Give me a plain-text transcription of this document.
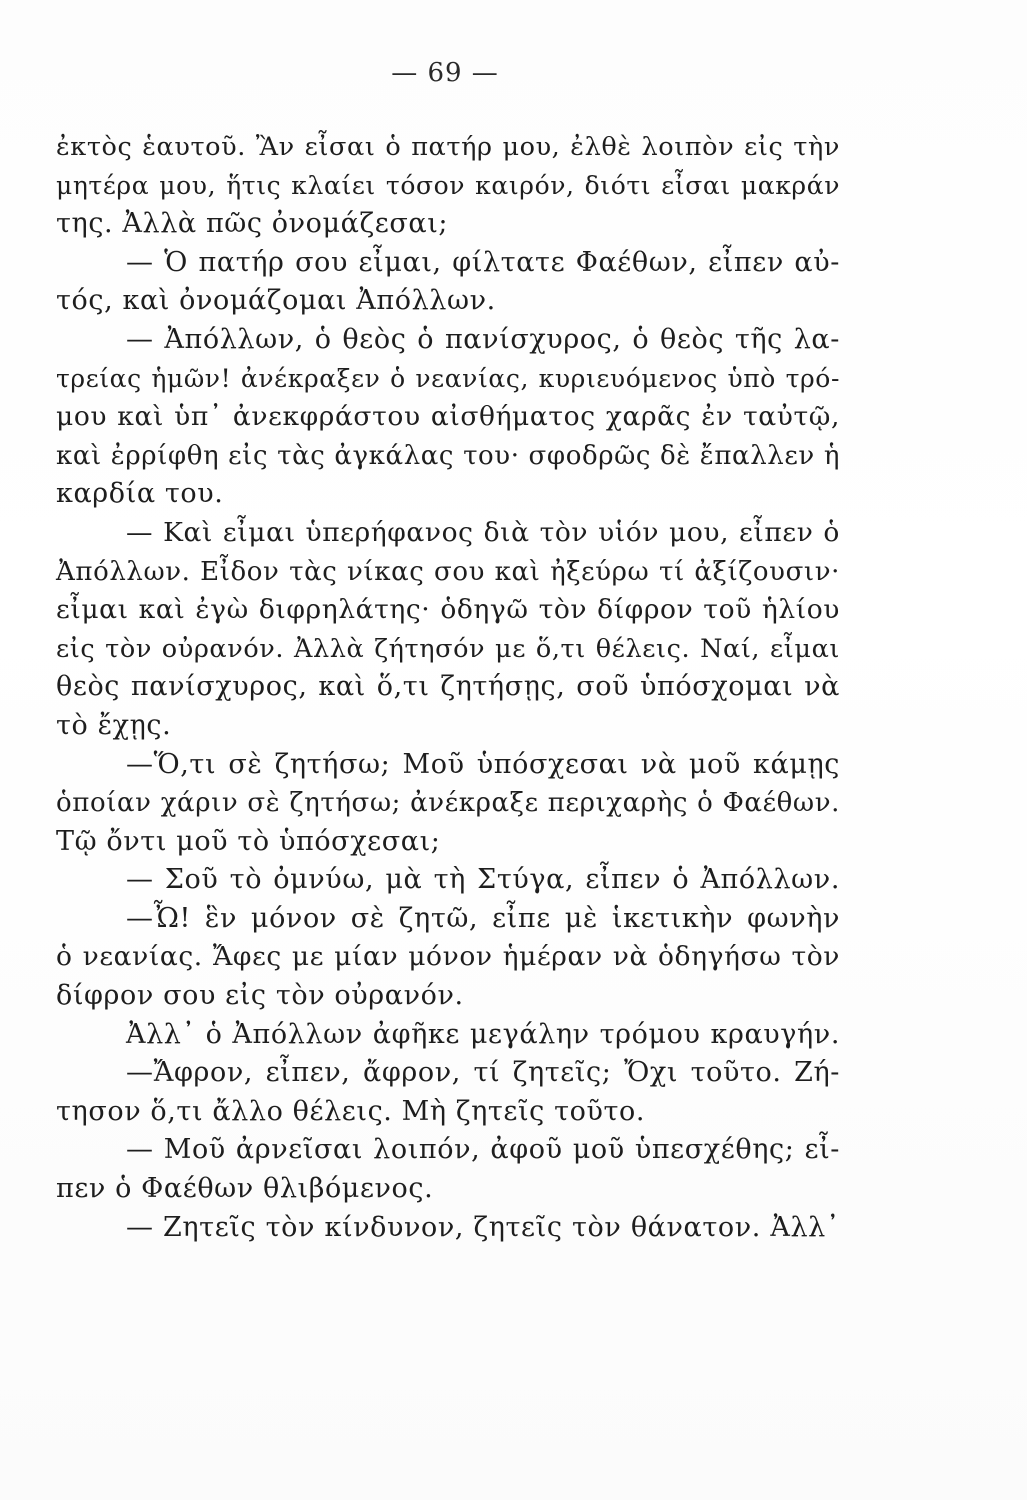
— 69 —
ἐκτὸς ἑαυτοῦ. Ἂν εἶσαι ὁ πατήρ μου, ἐλθὲ λοιπὸν εἰς τὴν
μητέρα μου, ἥτις κλαίει τόσον καιρόν, διότι εἶσαι μακράν
της. Ἀλλὰ πῶς ὀνομάζεσαι;
— Ὁ πατήρ σου εἶμαι, φίλτατε Φαέθων, εἶπεν αὐ-
τός, καὶ ὀνομάζομαι Ἀπόλλων.
— Ἀπόλλων, ὁ θεὸς ὁ πανίσχυρος, ὁ θεὸς τῆς λα-
τρείας ἡμῶν! ἀνέκραξεν ὁ νεανίας, κυριευόμενος ὑπὸ τρό-
μου καὶ ὑπ᾽ ἀνεκφράστου αἰσθήματος χαρᾶς ἐν ταὐτῷ,
καὶ ἐρρίφθη εἰς τὰς ἀγκάλας του· σφοδρῶς δὲ ἔπαλλεν ἡ
καρδία του.
— Καὶ εἶμαι ὑπερήφανος διὰ τὸν υἱόν μου, εἶπεν ὁ
Ἀπόλλων. Εἶδον τὰς νίκας σου καὶ ἠξεύρω τί ἀξίζουσιν·
εἶμαι καὶ ἐγὼ διφρηλάτης· ὁδηγῶ τὸν δίφρον τοῦ ἡλίου
εἰς τὸν οὐρανόν. Ἀλλὰ ζήτησόν με ὅ,τι θέλεις. Ναί, εἶμαι
θεὸς πανίσχυρος, καὶ ὅ,τι ζητήσῃς, σοῦ ὑπόσχομαι νὰ
τὸ ἔχῃς.
—Ὅ,τι σὲ ζητήσω; Μοῦ ὑπόσχεσαι νὰ μοῦ κάμῃς
ὁποίαν χάριν σὲ ζητήσω; ἀνέκραξε περιχαρὴς ὁ Φαέθων.
Τῷ ὄντι μοῦ τὸ ὑπόσχεσαι;
— Σοῦ τὸ ὀμνύω, μὰ τὴ Στύγα, εἶπεν ὁ Ἀπόλλων.
—Ὦ! ἓν μόνον σὲ ζητῶ, εἶπε μὲ ἱκετικὴν φωνὴν
ὁ νεανίας. Ἄφες με μίαν μόνον ἡμέραν νὰ ὁδηγήσω τὸν
δίφρον σου εἰς τὸν οὐρανόν.
Ἀλλ᾽ ὁ Ἀπόλλων ἀφῆκε μεγάλην τρόμου κραυγήν.
—Ἄφρον, εἶπεν, ἄφρον, τί ζητεῖς; Ὄχι τοῦτο. Ζή-
τησον ὅ,τι ἄλλο θέλεις. Μὴ ζητεῖς τοῦτο.
— Μοῦ ἀρνεῖσαι λοιπόν, ἀφοῦ μοῦ ὑπεσχέθης; εἶ-
πεν ὁ Φαέθων θλιβόμενος.
— Ζητεῖς τὸν κίνδυνον, ζητεῖς τὸν θάνατον. Ἀλλ᾽
